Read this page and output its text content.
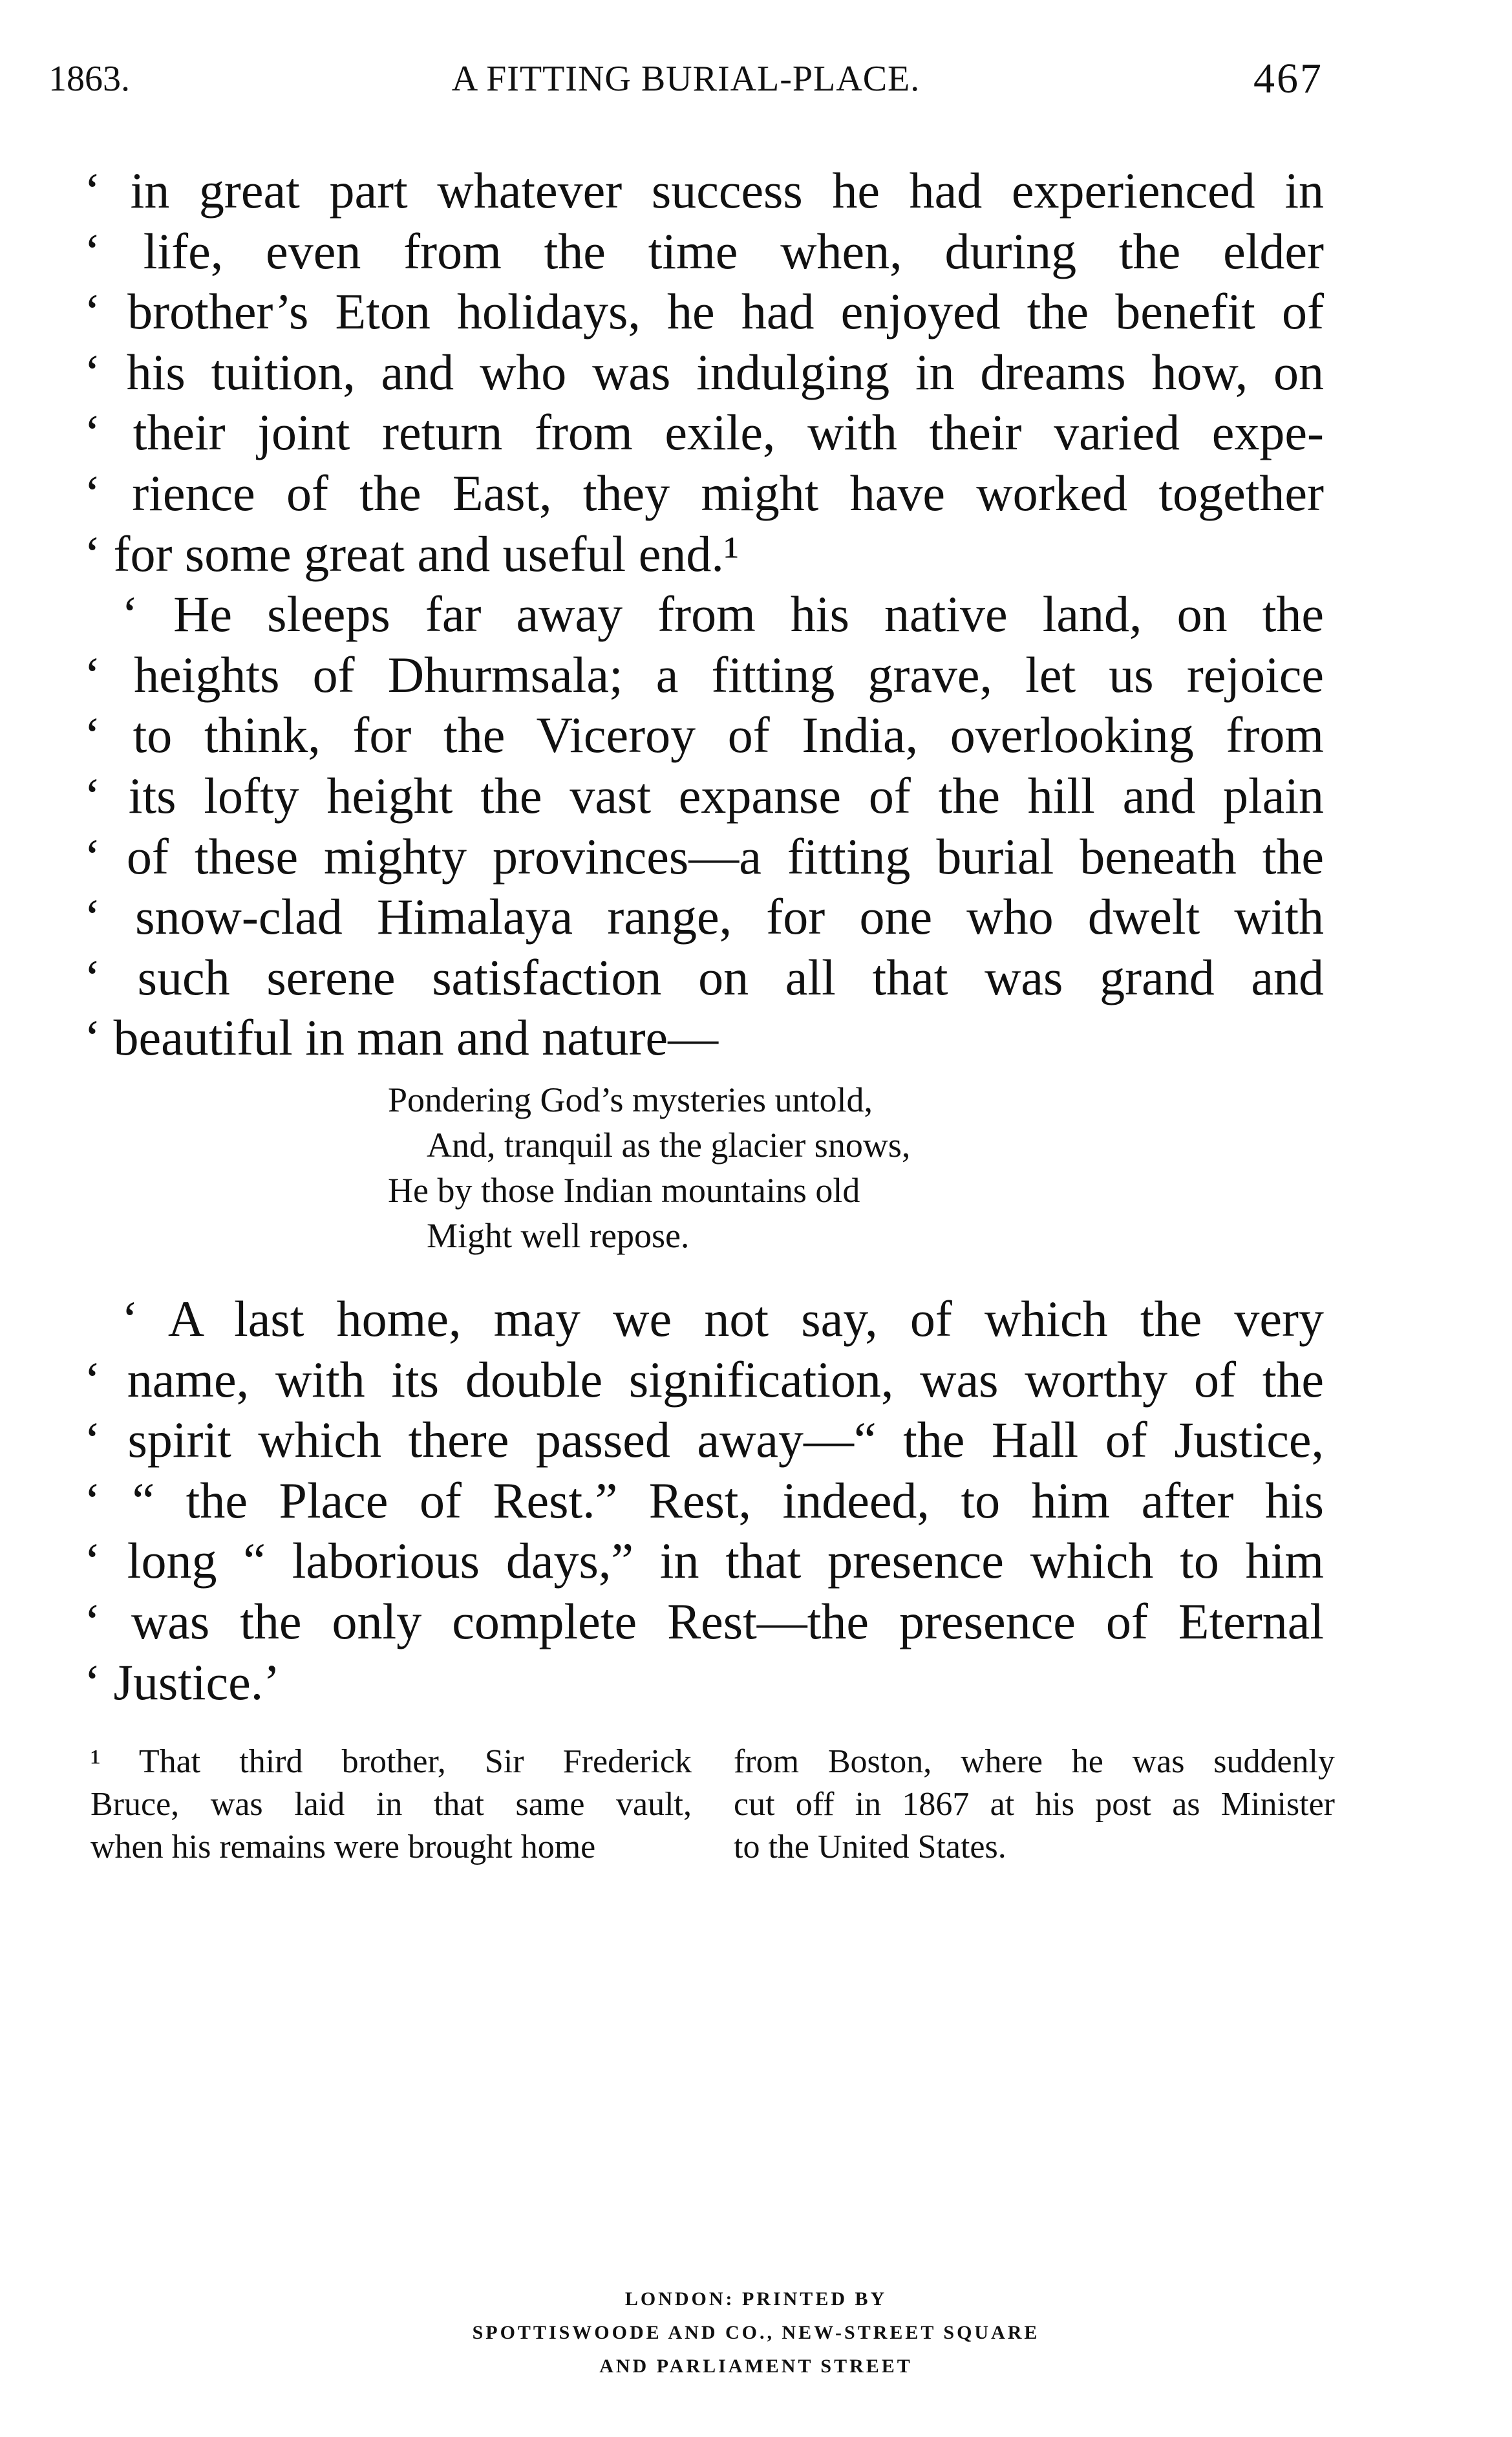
A FITTING BURIAL-PLACE.
1863.	467
‘ in great part whatever success he had experienced in
‘ life, even from the time when, during the elder
‘ brother’s Eton holidays, he had enjoyed the benefit of
‘ his tuition, and who was indulging in dreams how, on
‘ their joint return from exile, with their varied expe-
‘ rience of the East, they might have worked together
‘ for some great and useful end.¹
‘ He sleeps far away from his native land, on the
‘ heights of Dhurmsala; a fitting grave, let us rejoice
‘ to think, for the Viceroy of India, overlooking from
‘ its lofty height the vast expanse of the hill and plain
‘ of these mighty provinces—a fitting burial beneath the
‘ snow-clad Himalaya range, for one who dwelt with
‘ such serene satisfaction on all that was grand and
‘ beautiful in man and nature—
Pondering God’s mysteries untold,
And, tranquil as the glacier snows,
He by those Indian mountains old
Might well repose.
‘ A last home, may we not say, of which the very
‘ name, with its double signification, was worthy of the
‘ spirit which there passed away—“ the Hall of Justice,
‘ “ the Place of Rest.” Rest, indeed, to him after his
‘ long “ laborious days,” in that presence which to him
‘ was the only complete Rest—the presence of Eternal
‘ Justice.’
¹ That third brother, Sir Frederick
Bruce, was laid in that same vault,
when his remains were brought home
from Boston, where he was suddenly
cut off in 1867 at his post as Minister
to the United States.
LONDON: PRINTED BY
SPOTTISWOODE AND CO., NEW-STREET SQUARE
AND PARLIAMENT STREET
